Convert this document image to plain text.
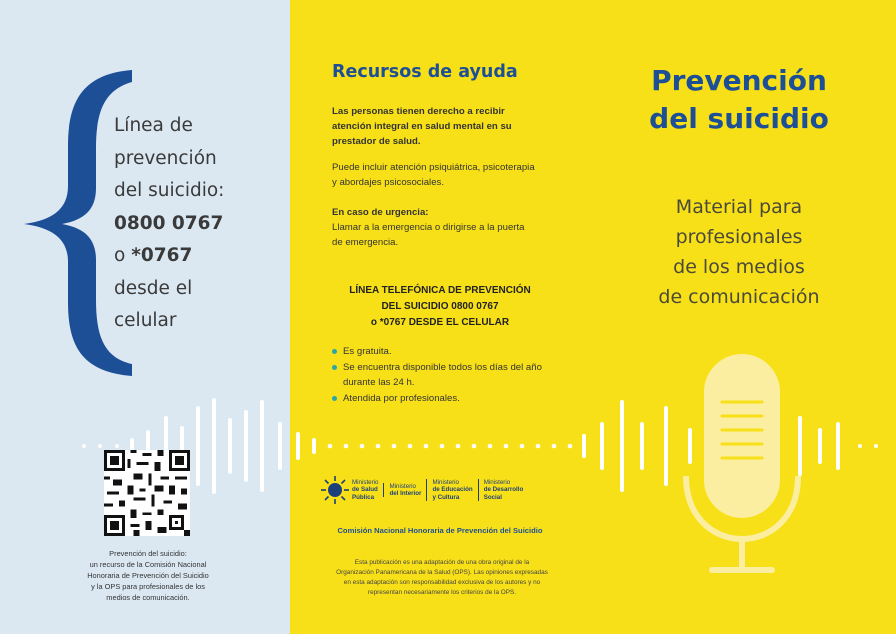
Línea de
prevención
del suicidio:
0800 0767
o *0767
desde el
celular
Prevención del suicidio:
un recurso de la Comisión Nacional
Honoraria de Prevención del Suicidio
y la OPS para profesionales de los
medios de comunicación.
Recursos de ayuda
Las personas tienen derecho a recibir
atención integral en salud mental en su
prestador de salud.
Puede incluir atención psiquiátrica, psicoterapia
y abordajes psicosociales.
En caso de urgencia:
Llamar a la emergencia o dirigirse a la puerta
de emergencia.
LÍNEA TELEFÓNICA DE PREVENCIÓN
DEL SUICIDIO 0800 0767
o *0767 DESDE EL CELULAR
Es gratuita.
Se encuentra disponible todos los días del año
durante las 24 h.
Atendida por profesionales.
Ministerio
de Salud
Pública
Ministerio
del Interior
Ministerio
de Educación
y Cultura
Ministerio
de Desarrollo
Social
Comisión Nacional Honoraria de Prevención del Suicidio
Esta publicación es una adaptación de una obra original de la
Organización Panamericana de la Salud (OPS). Las opiniones expresadas
en esta adaptación son responsabilidad exclusiva de los autores y no
representan necesariamente los criterios de la OPS.
Prevención
del suicidio
Material para
profesionales
de los medios
de comunicación
